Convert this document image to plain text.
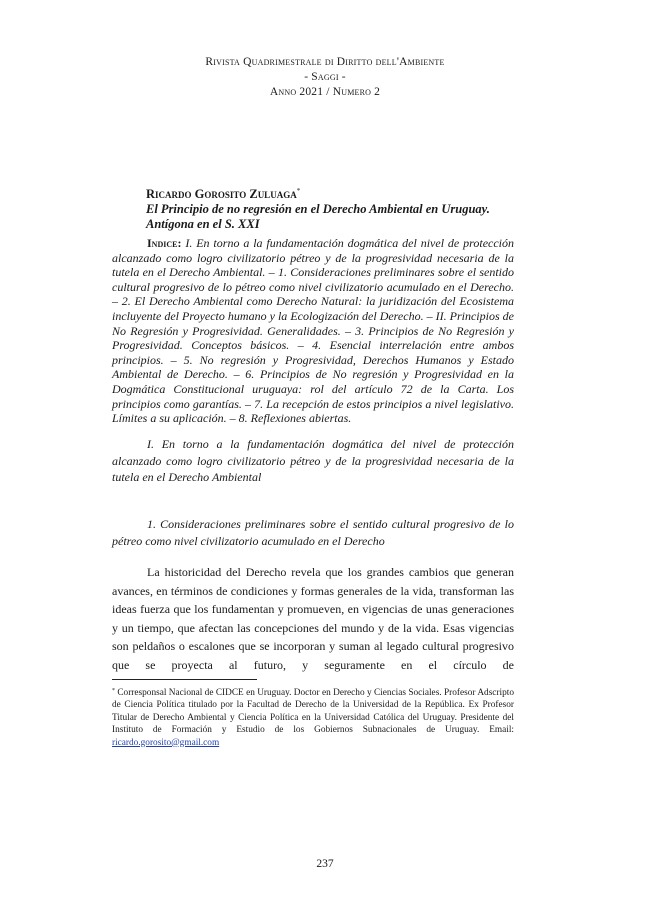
Rivista Quadrimestrale di Diritto dell'Ambiente
- Saggi -
Anno 2021 / Numero 2
Ricardo Gorosito Zuluaga*
El Principio de no regresión en el Derecho Ambiental en Uruguay. Antígona en el S. XXI
Indice: I. En torno a la fundamentación dogmática del nivel de protección alcanzado como logro civilizatorio pétreo y de la progresividad necesaria de la tutela en el Derecho Ambiental. – 1. Consideraciones preliminares sobre el sentido cultural progresivo de lo pétreo como nivel civilizatorio acumulado en el Derecho. – 2. El Derecho Ambiental como Derecho Natural: la juridización del Ecosistema incluyente del Proyecto humano y la Ecologización del Derecho. – II. Principios de No Regresión y Progresividad. Generalidades. – 3. Principios de No Regresión y Progresividad. Conceptos básicos. – 4. Esencial interrelación entre ambos principios. – 5. No regresión y Progresividad, Derechos Humanos y Estado Ambiental de Derecho. – 6. Principios de No regresión y Progresividad en la Dogmática Constitucional uruguaya: rol del artículo 72 de la Carta. Los principios como garantías. – 7. La recepción de estos principios a nivel legislativo. Límites a su aplicación. – 8. Reflexiones abiertas.
I. En torno a la fundamentación dogmática del nivel de protección alcanzado como logro civilizatorio pétreo y de la progresividad necesaria de la tutela en el Derecho Ambiental
1. Consideraciones preliminares sobre el sentido cultural progresivo de lo pétreo como nivel civilizatorio acumulado en el Derecho
La historicidad del Derecho revela que los grandes cambios que generan avances, en términos de condiciones y formas generales de la vida, transforman las ideas fuerza que los fundamentan y promueven, en vigencias de unas generaciones y un tiempo, que afectan las concepciones del mundo y de la vida. Esas vigencias son peldaños o escalones que se incorporan y suman al legado cultural progresivo que se proyecta al futuro, y seguramente en el círculo de
* Corresponsal Nacional de CIDCE en Uruguay. Doctor en Derecho y Ciencias Sociales. Profesor Adscripto de Ciencia Política titulado por la Facultad de Derecho de la Universidad de la República. Ex Profesor Titular de Derecho Ambiental y Ciencia Política en la Universidad Católica del Uruguay. Presidente del Instituto de Formación y Estudio de los Gobiernos Subnacionales de Uruguay. Email: ricardo.gorosito@gmail.com
237
